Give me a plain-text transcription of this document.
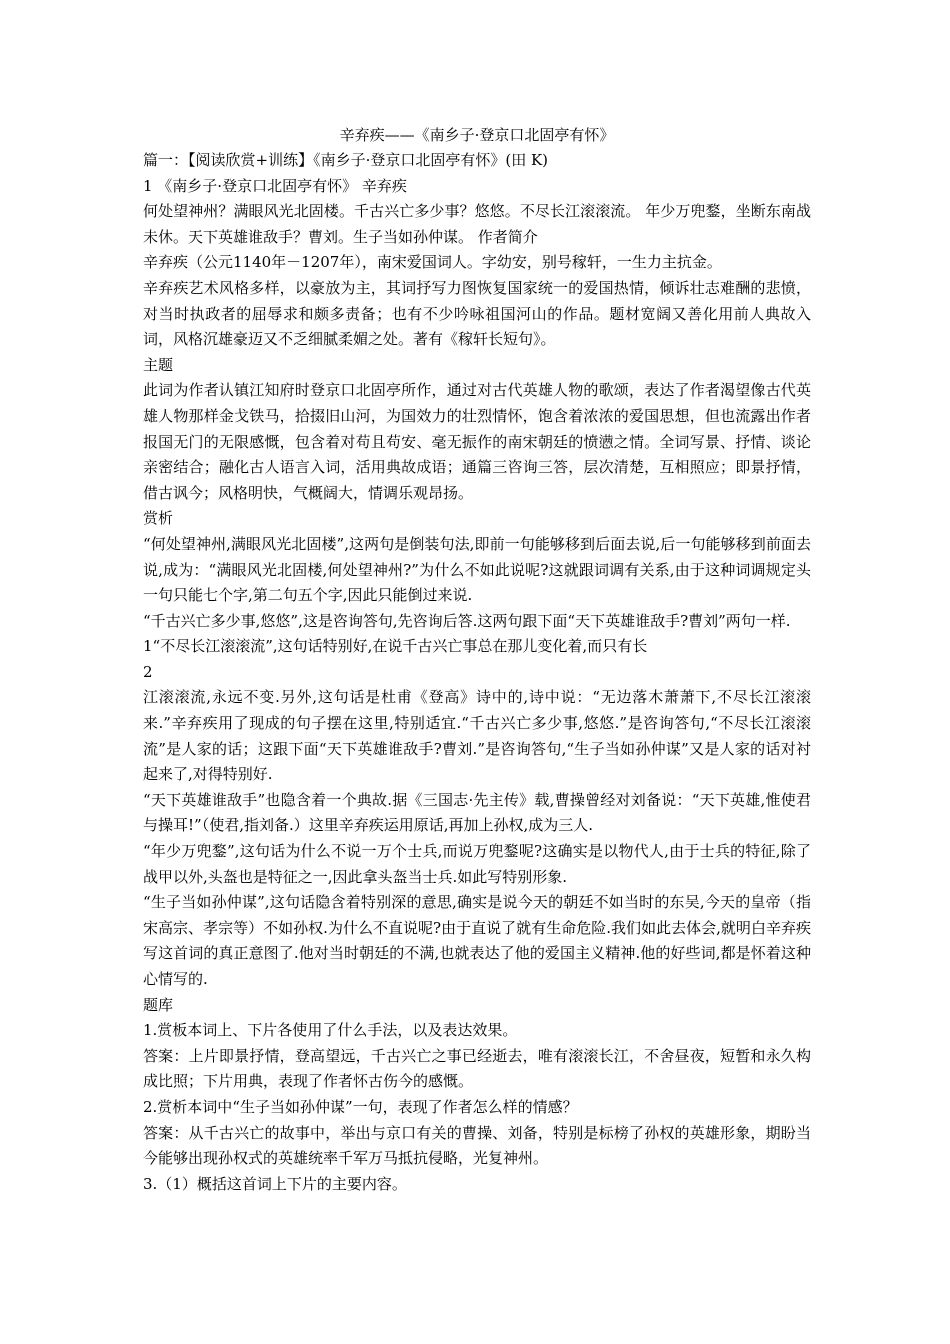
辛弃疾——《南乡子·登京口北固亭有怀》
篇一：【阅读欣赏+训练】《南乡子·登京口北固亭有怀》(田 K)
1 《南乡子·登京口北固亭有怀》 辛弃疾
何处望神州？满眼风光北固楼。千古兴亡多少事？悠悠。不尽长江滚滚流。 年少万兜鍪，坐断东南战未休。天下英雄谁敌手？曹刘。生子当如孙仲谋。 作者简介
辛弃疾（公元1140年－1207年），南宋爱国词人。字幼安，别号稼轩，一生力主抗金。
辛弃疾艺术风格多样，以豪放为主，其词抒写力图恢复国家统一的爱国热情，倾诉壮志难酬的悲愤，对当时执政者的屈辱求和颇多责备；也有不少吟咏祖国河山的作品。题材宽阔又善化用前人典故入词，风格沉雄豪迈又不乏细腻柔媚之处。著有《稼轩长短句》。
主题
此词为作者认镇江知府时登京口北固亭所作，通过对古代英雄人物的歌颂，表达了作者渴望像古代英雄人物那样金戈铁马，拾掇旧山河，为国效力的壮烈情怀，饱含着浓浓的爱国思想，但也流露出作者报国无门的无限感慨，包含着对苟且苟安、毫无振作的南宋朝廷的愤懑之情。全词写景、抒情、谈论亲密结合；融化古人语言入词，活用典故成语；通篇三咨询三答，层次清楚，互相照应；即景抒情，借古讽今；风格明快，气概阔大，情调乐观昂扬。
赏析
“何处望神州,满眼风光北固楼”,这两句是倒装句法,即前一句能够移到后面去说,后一句能够移到前面去说,成为：“满眼风光北固楼,何处望神州?”为什么不如此说呢?这就跟词调有关系,由于这种词调规定头一句只能七个字,第二句五个字,因此只能倒过来说.
“千古兴亡多少事,悠悠”,这是咨询答句,先咨询后答.这两句跟下面“天下英雄谁敌手?曹刘”两句一样.
1“不尽长江滚滚流”,这句话特别好,在说千古兴亡事总在那儿变化着,而只有长
2
江滚滚流,永远不变.另外,这句话是杜甫《登高》诗中的,诗中说：“无边落木萧萧下,不尽长江滚滚来.”辛弃疾用了现成的句子摆在这里,特别适宜.“千古兴亡多少事,悠悠.”是咨询答句,“不尽长江滚滚流”是人家的话；这跟下面“天下英雄谁敌手?曹刘.”是咨询答句,“生子当如孙仲谋”又是人家的话对衬起来了,对得特别好.
“天下英雄谁敌手”也隐含着一个典故.据《三国志·先主传》载,曹操曾经对刘备说：“天下英雄,惟使君与操耳!”（使君,指刘备.）这里辛弃疾运用原话,再加上孙权,成为三人.
“年少万兜鍪”,这句话为什么不说一万个士兵,而说万兜鍪呢?这确实是以物代人,由于士兵的特征,除了战甲以外,头盔也是特征之一,因此拿头盔当士兵.如此写特别形象.
“生子当如孙仲谋”,这句话隐含着特别深的意思,确实是说今天的朝廷不如当时的东吴,今天的皇帝（指宋高宗、孝宗等）不如孙权.为什么不直说呢?由于直说了就有生命危险.我们如此去体会,就明白辛弃疾写这首词的真正意图了.他对当时朝廷的不满,也就表达了他的爱国主义精神.他的好些词,都是怀着这种心情写的.
题库
1.赏板本词上、下片各使用了什么手法，以及表达效果。
答案：上片即景抒情，登高望远，千古兴亡之事已经逝去，唯有滚滚长江，不舍昼夜，短暂和永久构成比照；下片用典，表现了作者怀古伤今的感慨。
2.赏析本词中“生子当如孙仲谋”一句，表现了作者怎么样的情感？
答案：从千古兴亡的故事中，举出与京口有关的曹操、刘备，特别是标榜了孙权的英雄形象，期盼当今能够出现孙权式的英雄统率千军万马抵抗侵略，光复神州。
3.（1）概括这首词上下片的主要内容。
